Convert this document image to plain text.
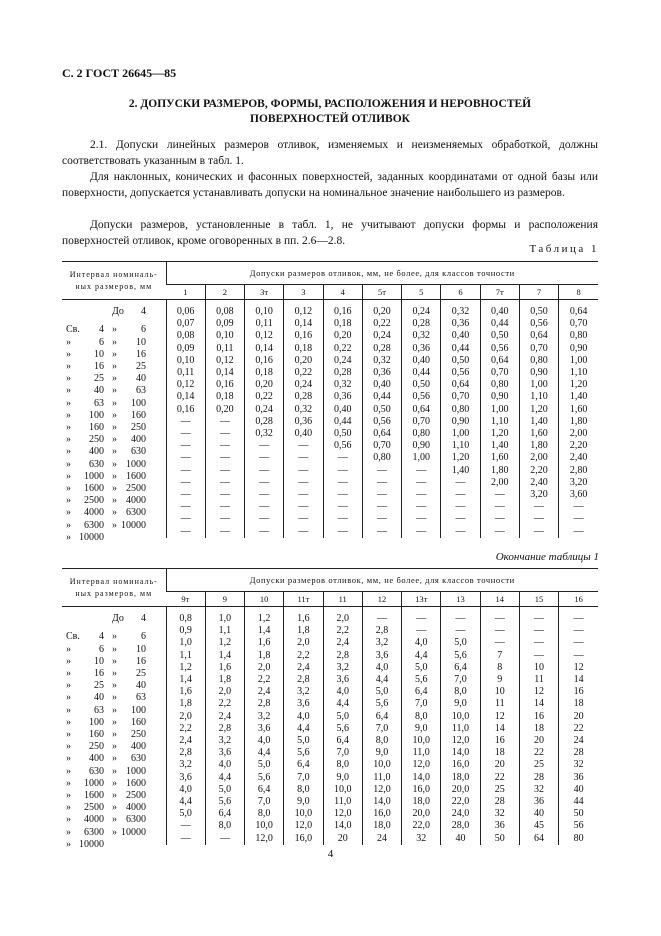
С. 2 ГОСТ 26645—85
2. ДОПУСКИ РАЗМЕРОВ, ФОРМЫ, РАСПОЛОЖЕНИЯ И НЕРОВНОСТЕЙ
ПОВЕРХНОСТЕЙ ОТЛИВОК

2.1. Допуски линейных размеров отливок, изменяемых и неизменяемых обработкой, должны соответствовать указанным в табл. 1.

Для наклонных, конических и фасонных поверхностей, заданных координатами от одной базы или поверхности, допускается устанавливать допуски на номинальное значение наибольшего из размеров.

Допуски размеров, установленные в табл. 1, не учитывают допуски формы и расположения поверхностей отливок, кроме оговоренных в пп. 2.6—2.8.

Таблица 1
Интервал номиналь-
ных размеров, мм	Допуски размеров отливок, мм, не более, для классов точности										
	1	2	3т	3	4	5т	5	6	7т	7	8

4
До	0,06	0,08	0,10	0,12	0,16	0,20	0,24	0,32	0,40	0,50	0,64

Св. 4 » 6	0,07	0,09	0,11	0,14	0,18	0,22	0,28	0,36	0,44	0,56	0,70

» 6 » 10	0,08	0,10	0,12	0,16	0,20	0,24	0,32	0,40	0,50	0,64	0,80

» 10 » 16	0,09	0,11	0,14	0,18	0,22	0,28	0,36	0,44	0,56	0,70	0,90

» 16 » 25	0,10	0,12	0,16	0,20	0,24	0,32	0,40	0,50	0,64	0,80	1,00

» 25 » 40	0,11	0,14	0,18	0,22	0,28	0,36	0,44	0,56	0,70	0,90	1,10

» 40 » 63	0,12	0,16	0,20	0,24	0,32	0,40	0,50	0,64	0,80	1,00	1,20

» 63 » 100	0,14	0,18	0,22	0,28	0,36	0,44	0,56	0,70	0,90	1,10	1,40

» 100 » 160	0,16	0,20	0,24	0,32	0,40	0,50	0,64	0,80	1,00	1,20	1,60

» 160 » 250	—	—	0,28	0,36	0,44	0,56	0,70	0,90	1,10	1,40	1,80

» 250 » 400	—	—	0,32	0,40	0,50	0,64	0,80	1,00	1,20	1,60	2,00

» 400 » 630	—	—	—	—	0,56	0,70	0,90	1,10	1,40	1,80	2,20

» 630 » 1000	—	—	—	—	—	0,80	1,00	1,20	1,60	2,00	2,40

» 1000 » 1600	—	—	—	—	—	—	—	1,40	1,80	2,20	2,80

» 1600 » 2500	—	—	—	—	—	—	—	—	2,00	2,40	3,20

» 2500 » 4000	—	—	—	—	—	—	—	—	—	3,20	3,60

» 4000 » 6300	—	—	—	—	—	—	—	—	—	—	—

» 6300 » 10000	—	—	—	—	—	—	—	—	—	—	—

» 10000	—	—	—	—	—	—	—	—	—	—	—
Окончание таблицы 1
Интервал номиналь-
ных размеров, мм	Допуски размеров отливок, мм, не более, для классов точности										
	9т	9	10	11т	11	12	13т	13	14	15	16

4
До	0,8	1,0	1,2	1,6	2,0	—	—	—	—	—	—

Св. 4 » 6	0,9	1,1	1,4	1,8	2,2	2,8	—	—	—	—	—

» 6 » 10	1,0	1,2	1,6	2,0	2,4	3,2	4,0	5,0	—	—	—

» 10 » 16	1,1	1,4	1,8	2,2	2,8	3,6	4,4	5,6	7	—	—

» 16 » 25	1,2	1,6	2,0	2,4	3,2	4,0	5,0	6,4	8	10	12

» 25 » 40	1,4	1,8	2,2	2,8	3,6	4,4	5,6	7,0	9	11	14

» 40 » 63	1,6	2,0	2,4	3,2	4,0	5,0	6,4	8,0	10	12	16

» 63 » 100	1,8	2,2	2,8	3,6	4,4	5,6	7,0	9,0	11	14	18

» 100 » 160	2,0	2,4	3,2	4,0	5,0	6,4	8,0	10,0	12	16	20

» 160 » 250	2,2	2,8	3,6	4,4	5,6	7,0	9,0	11,0	14	18	22

» 250 » 400	2,4	3,2	4,0	5,0	6,4	8,0	10,0	12,0	16	20	24

» 400 » 630	2,8	3,6	4,4	5,6	7,0	9,0	11,0	14,0	18	22	28

» 630 » 1000	3,2	4,0	5,0	6,4	8,0	10,0	12,0	16,0	20	25	32

» 1000 » 1600	3,6	4,4	5,6	7,0	9,0	11,0	14,0	18,0	22	28	36

» 1600 » 2500	4,0	5,0	6,4	8,0	10,0	12,0	16,0	20,0	25	32	40

» 2500 » 4000	4,4	5,6	7,0	9,0	11,0	14,0	18,0	22,0	28	36	44

» 4000 » 6300	5,0	6,4	8,0	10,0	12,0	16,0	20,0	24,0	32	40	50

» 6300 » 10000	—	8,0	10,0	12,0	14,0	18,0	22,0	28,0	36	45	56

» 10000	—	—	12,0	16,0	20	24	32	40	50	64	80
4
